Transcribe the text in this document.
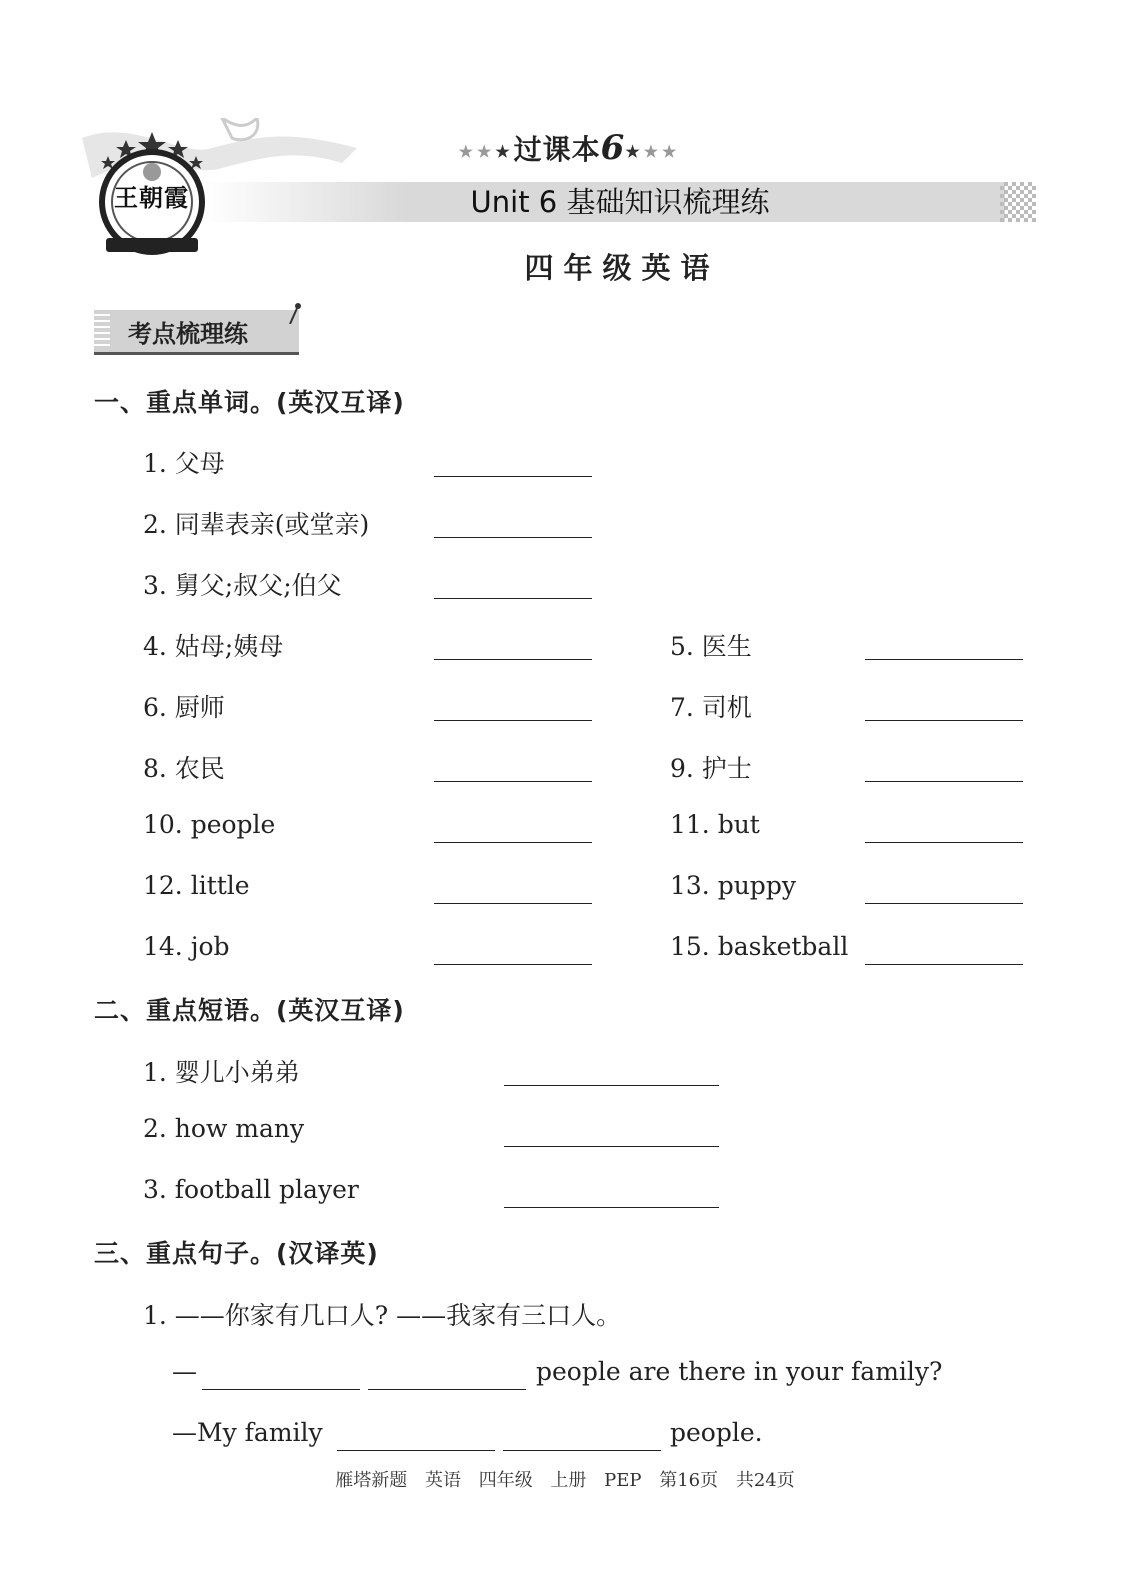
王朝霞
★★★过课本6★★★
Unit 6 基础知识梳理练
四年级英语
考点梳理练
一、重点单词。(英汉互译)
1. 父母
2. 同辈表亲(或堂亲)
3. 舅父;叔父;伯父
4. 姑母;姨母	5. 医生
6. 厨师	7. 司机
8. 农民	9. 护士
10. people	11. but
12. little	13. puppy
14. job	15. basketball
二、重点短语。(英汉互译)
1. 婴儿小弟弟
2. how many
3. football player
三、重点句子。(汉译英)
1. ——你家有几口人? ——我家有三口人。
—	people are there in your family?
—My family	people.
雁塔新题 英语 四年级 上册 PEP 第16页 共24页
